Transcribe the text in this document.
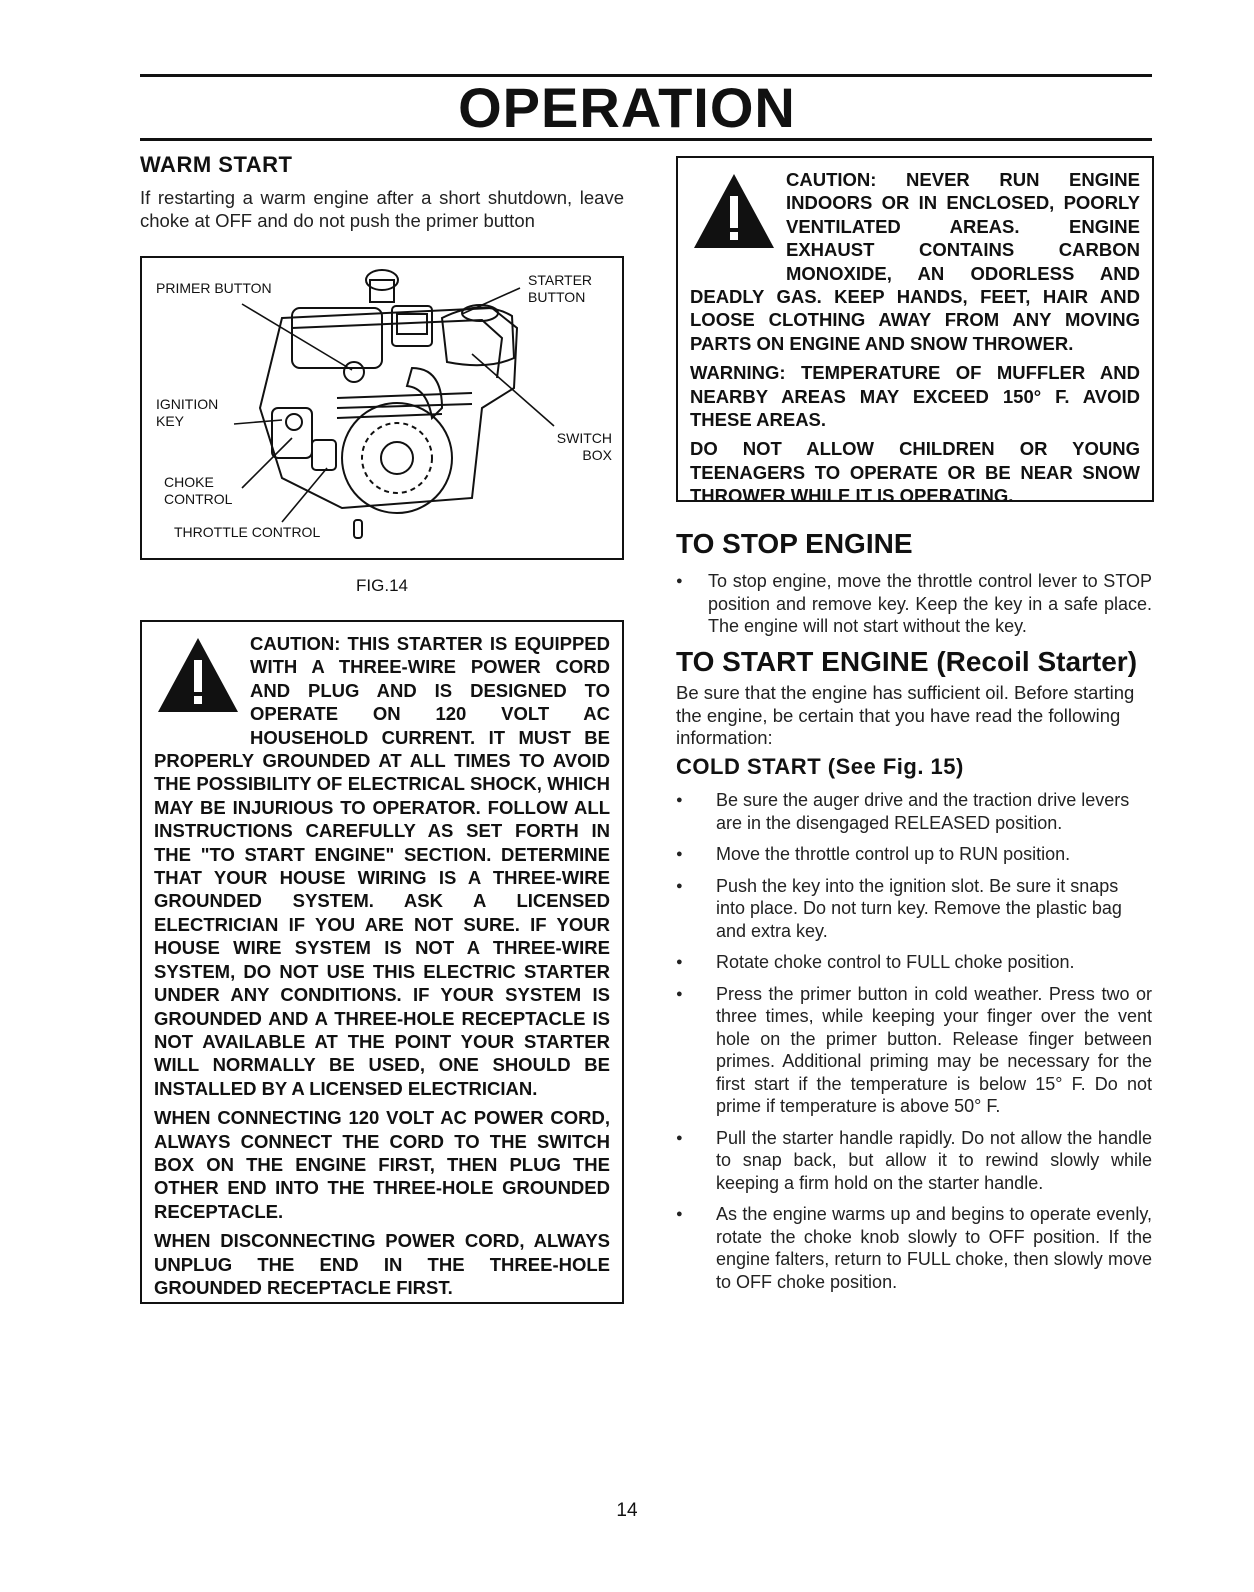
OPERATION
WARM START
If restarting a warm engine after a short shutdown, leave choke at OFF and do not push the primer button
PRIMER BUTTON	STARTER BUTTON
IGNITION KEY
SWITCH BOX
CHOKE CONTROL
THROTTLE CONTROL
FIG.14

CAUTION: THIS STARTER IS EQUIPPED WITH A THREE-WIRE POWER CORD AND PLUG AND IS DESIGNED TO OPERATE ON 120 VOLT AC HOUSEHOLD CURRENT. IT MUST BE PROPERLY GROUNDED AT ALL TIMES TO AVOID THE POSSIBILITY OF ELECTRICAL SHOCK, WHICH MAY BE INJURIOUS TO OPERATOR. FOLLOW ALL INSTRUCTIONS CAREFULLY AS SET FORTH IN THE "TO START ENGINE" SECTION. DETERMINE THAT YOUR HOUSE WIRING IS A THREE-WIRE GROUNDED SYSTEM. ASK A LICENSED ELECTRICIAN IF YOU ARE NOT SURE. IF YOUR HOUSE WIRE SYSTEM IS NOT A THREE-WIRE SYSTEM, DO NOT USE THIS ELECTRIC STARTER UNDER ANY CONDITIONS. IF YOUR SYSTEM IS GROUNDED AND A THREE-HOLE RECEPTACLE IS NOT AVAILABLE AT THE POINT YOUR STARTER WILL NORMALLY BE USED, ONE SHOULD BE INSTALLED BY A LICENSED ELECTRICIAN.

WHEN CONNECTING 120 VOLT AC POWER CORD, ALWAYS CONNECT THE CORD TO THE SWITCH BOX ON THE ENGINE FIRST, THEN PLUG THE OTHER END INTO THE THREE-HOLE GROUNDED RECEPTACLE.

WHEN DISCONNECTING POWER CORD, ALWAYS UNPLUG THE END IN THE THREE-HOLE GROUNDED RECEPTACLE FIRST.

CAUTION: NEVER RUN ENGINE INDOORS OR IN ENCLOSED, POORLY VENTILATED AREAS. ENGINE EXHAUST CONTAINS CARBON MONOXIDE, AN ODORLESS AND DEADLY GAS. KEEP HANDS, FEET, HAIR AND LOOSE CLOTHING AWAY FROM ANY MOVING PARTS ON ENGINE AND SNOW THROWER.

WARNING: TEMPERATURE OF MUFFLER AND NEARBY AREAS MAY EXCEED 150° F. AVOID THESE AREAS.

DO NOT ALLOW CHILDREN OR YOUNG TEENAGERS TO OPERATE OR BE NEAR SNOW THROWER WHILE IT IS OPERATING.

TO STOP ENGINE
● To stop engine, move the throttle control lever to STOP position and remove key. Keep the key in a safe place. The engine will not start without the key.
TO START ENGINE (Recoil Starter)
Be sure that the engine has sufficient oil. Before starting the engine, be certain that you have read the following information:
COLD START (See Fig. 15)
● Be sure the auger drive and the traction drive levers are in the disengaged RELEASED position.
● Move the throttle control up to RUN position.
● Push the key into the ignition slot. Be sure it snaps into place. Do not turn key. Remove the plastic bag and extra key.
● Rotate choke control to FULL choke position.
● Press the primer button in cold weather. Press two or three times, while keeping your finger over the vent hole on the primer button. Release finger between primes. Additional priming may be necessary for the first start if the temperature is below 15° F. Do not prime if temperature is above 50° F.
● Pull the starter handle rapidly. Do not allow the handle to snap back, but allow it to rewind slowly while keeping a firm hold on the starter handle.
● As the engine warms up and begins to operate evenly, rotate the choke knob slowly to OFF position. If the engine falters, return to FULL choke, then slowly move to OFF choke position.
14
